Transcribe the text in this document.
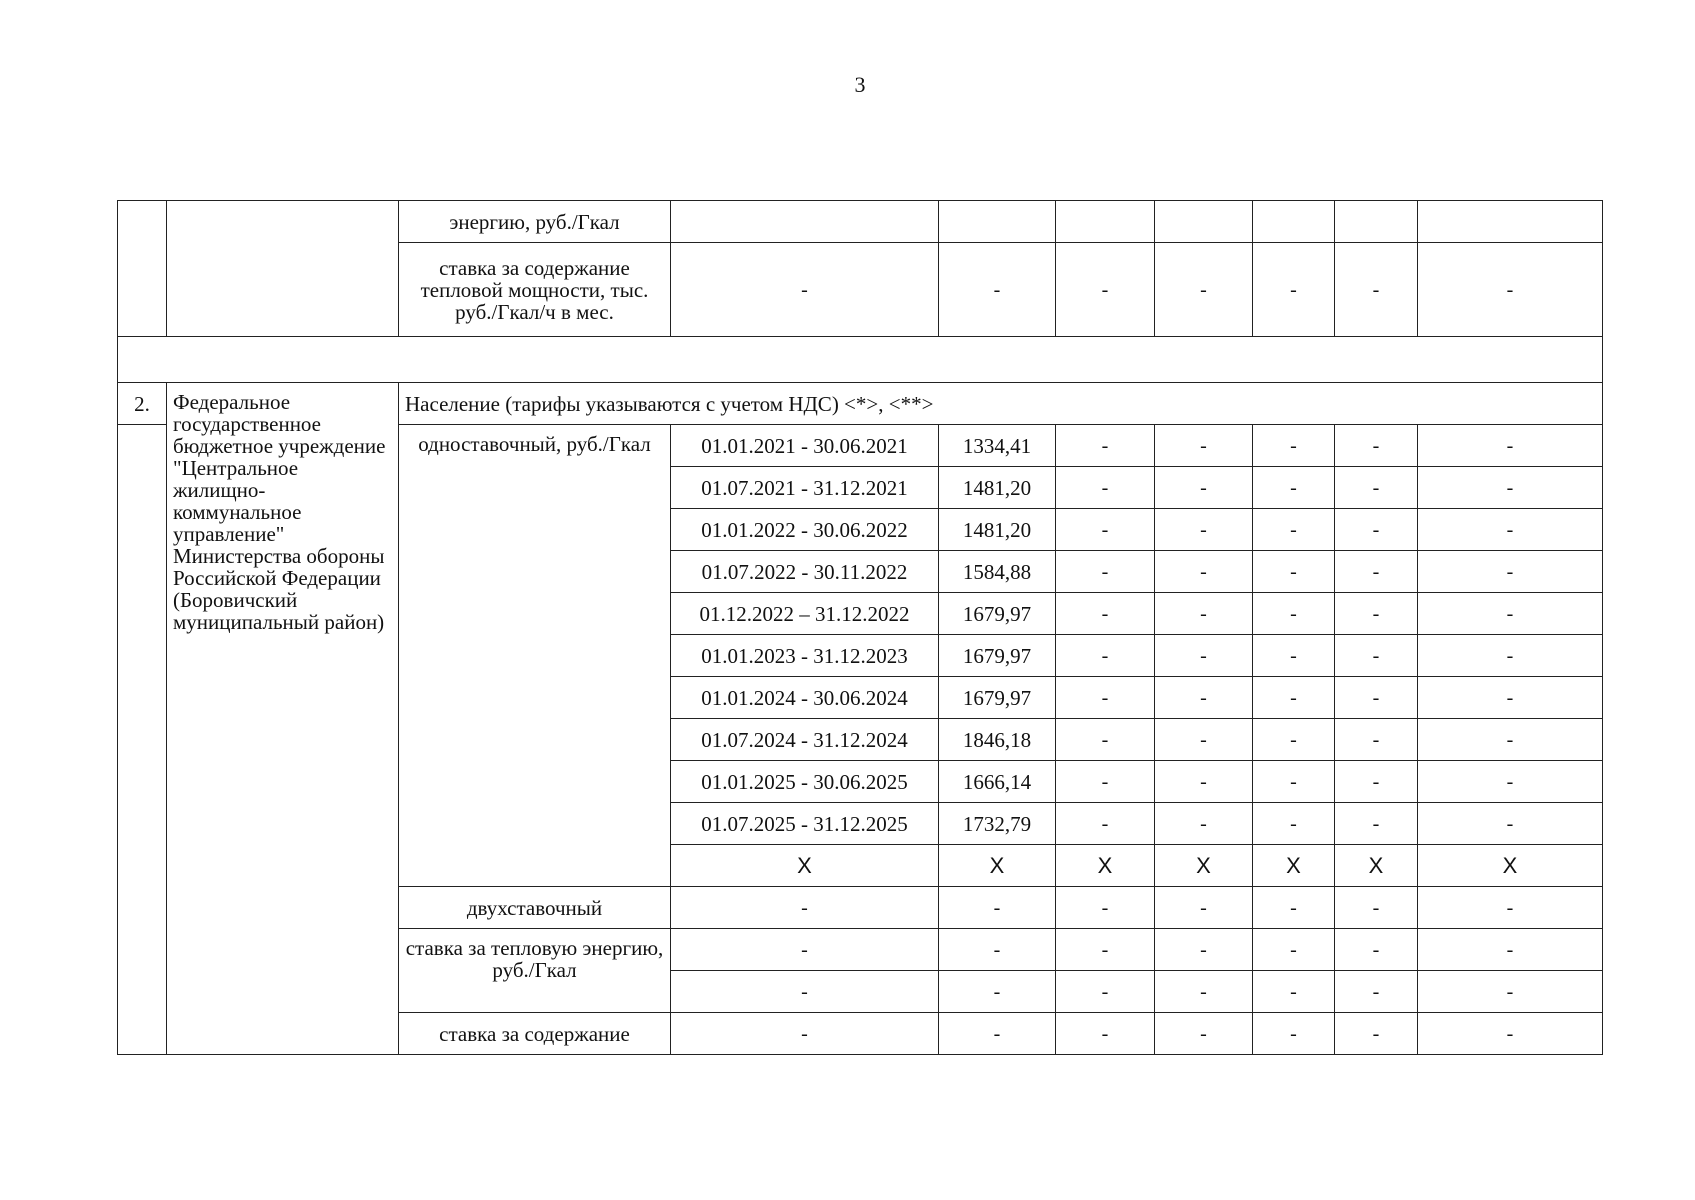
3
		энергию, руб./Гкал							
		ставка за содержание тепловой мощности, тыс. руб./Гкал/ч в мес.	-	-	-	-	-	-	-

2.	Федеральное государственное бюджетное учреждение "Центральное жилищно-коммунальное управление" Министерства обороны Российской Федерации (Боровичский муниципальный район)	Население (тарифы указываются с учетом НДС) <*>, <**>							
		одноставочный, руб./Гкал	01.01.2021 - 30.06.2021	1334,41	-	-	-	-	-
			01.07.2021 - 31.12.2021	1481,20	-	-	-	-	-
			01.01.2022 - 30.06.2022	1481,20	-	-	-	-	-
			01.07.2022 - 30.11.2022	1584,88	-	-	-	-	-
			01.12.2022 – 31.12.2022	1679,97	-	-	-	-	-
			01.01.2023 - 31.12.2023	1679,97	-	-	-	-	-
			01.01.2024 - 30.06.2024	1679,97	-	-	-	-	-
			01.07.2024 - 31.12.2024	1846,18	-	-	-	-	-
			01.01.2025 - 30.06.2025	1666,14	-	-	-	-	-
			01.07.2025 - 31.12.2025	1732,79	-	-	-	-	-
			X	X	X	X	X	X	X
		двухставочный	-	-	-	-	-	-	-
		ставка за тепловую энергию, руб./Гкал	-	-	-	-	-	-	-
			-	-	-	-	-	-	-
		ставка за содержание	-	-	-	-	-	-	-
